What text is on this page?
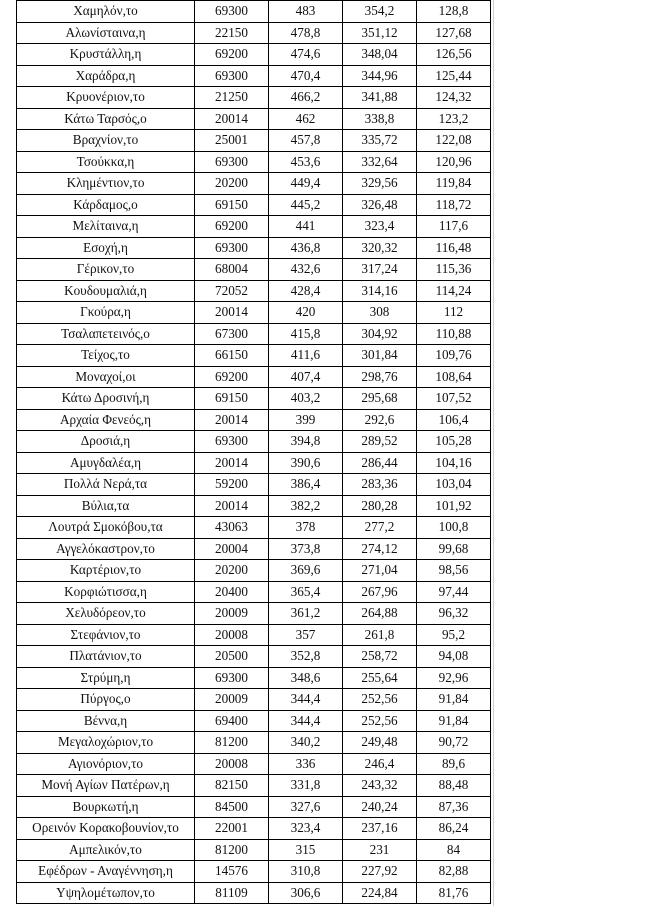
Χαμηλόν,το	69300	483	354,2	128,8
Αλωνίσταινα,η	22150	478,8	351,12	127,68
Κρυστάλλη,η	69200	474,6	348,04	126,56
Χαράδρα,η	69300	470,4	344,96	125,44
Κρυονέριον,το	21250	466,2	341,88	124,32
Κάτω Ταρσός,ο	20014	462	338,8	123,2
Βραχνίον,το	25001	457,8	335,72	122,08
Τσούκκα,η	69300	453,6	332,64	120,96
Κλημέντιον,το	20200	449,4	329,56	119,84
Κάρδαμος,ο	69150	445,2	326,48	118,72
Μελίταινα,η	69200	441	323,4	117,6
Εσοχή,η	69300	436,8	320,32	116,48
Γέρικον,το	68004	432,6	317,24	115,36
Κουδουμαλιά,η	72052	428,4	314,16	114,24
Γκούρα,η	20014	420	308	112
Τσαλαπετεινός,ο	67300	415,8	304,92	110,88
Τείχος,το	66150	411,6	301,84	109,76
Μοναχοί,οι	69200	407,4	298,76	108,64
Κάτω Δροσινή,η	69150	403,2	295,68	107,52
Αρχαία Φενεός,η	20014	399	292,6	106,4
Δροσιά,η	69300	394,8	289,52	105,28
Αμυγδαλέα,η	20014	390,6	286,44	104,16
Πολλά Νερά,τα	59200	386,4	283,36	103,04
Βύλια,τα	20014	382,2	280,28	101,92
Λουτρά Σμοκόβου,τα	43063	378	277,2	100,8
Αγγελόκαστρον,το	20004	373,8	274,12	99,68
Καρτέριον,το	20200	369,6	271,04	98,56
Κορφιώτισσα,η	20400	365,4	267,96	97,44
Χελυδόρεον,το	20009	361,2	264,88	96,32
Στεφάνιον,το	20008	357	261,8	95,2
Πλατάνιον,το	20500	352,8	258,72	94,08
Στρύμη,η	69300	348,6	255,64	92,96
Πύργος,ο	20009	344,4	252,56	91,84
Βέννα,η	69400	344,4	252,56	91,84
Μεγαλοχώριον,το	81200	340,2	249,48	90,72
Αγιονόριον,το	20008	336	246,4	89,6
Μονή Αγίων Πατέρων,η	82150	331,8	243,32	88,48
Βουρκωτή,η	84500	327,6	240,24	87,36
Ορεινόν Κορακοβουνίον,το	22001	323,4	237,16	86,24
Αμπελικόν,το	81200	315	231	84
Εφέδρων - Αναγέννηση,η	14576	310,8	227,92	82,88
Υψηλομέτωπον,το	81109	306,6	224,84	81,76
